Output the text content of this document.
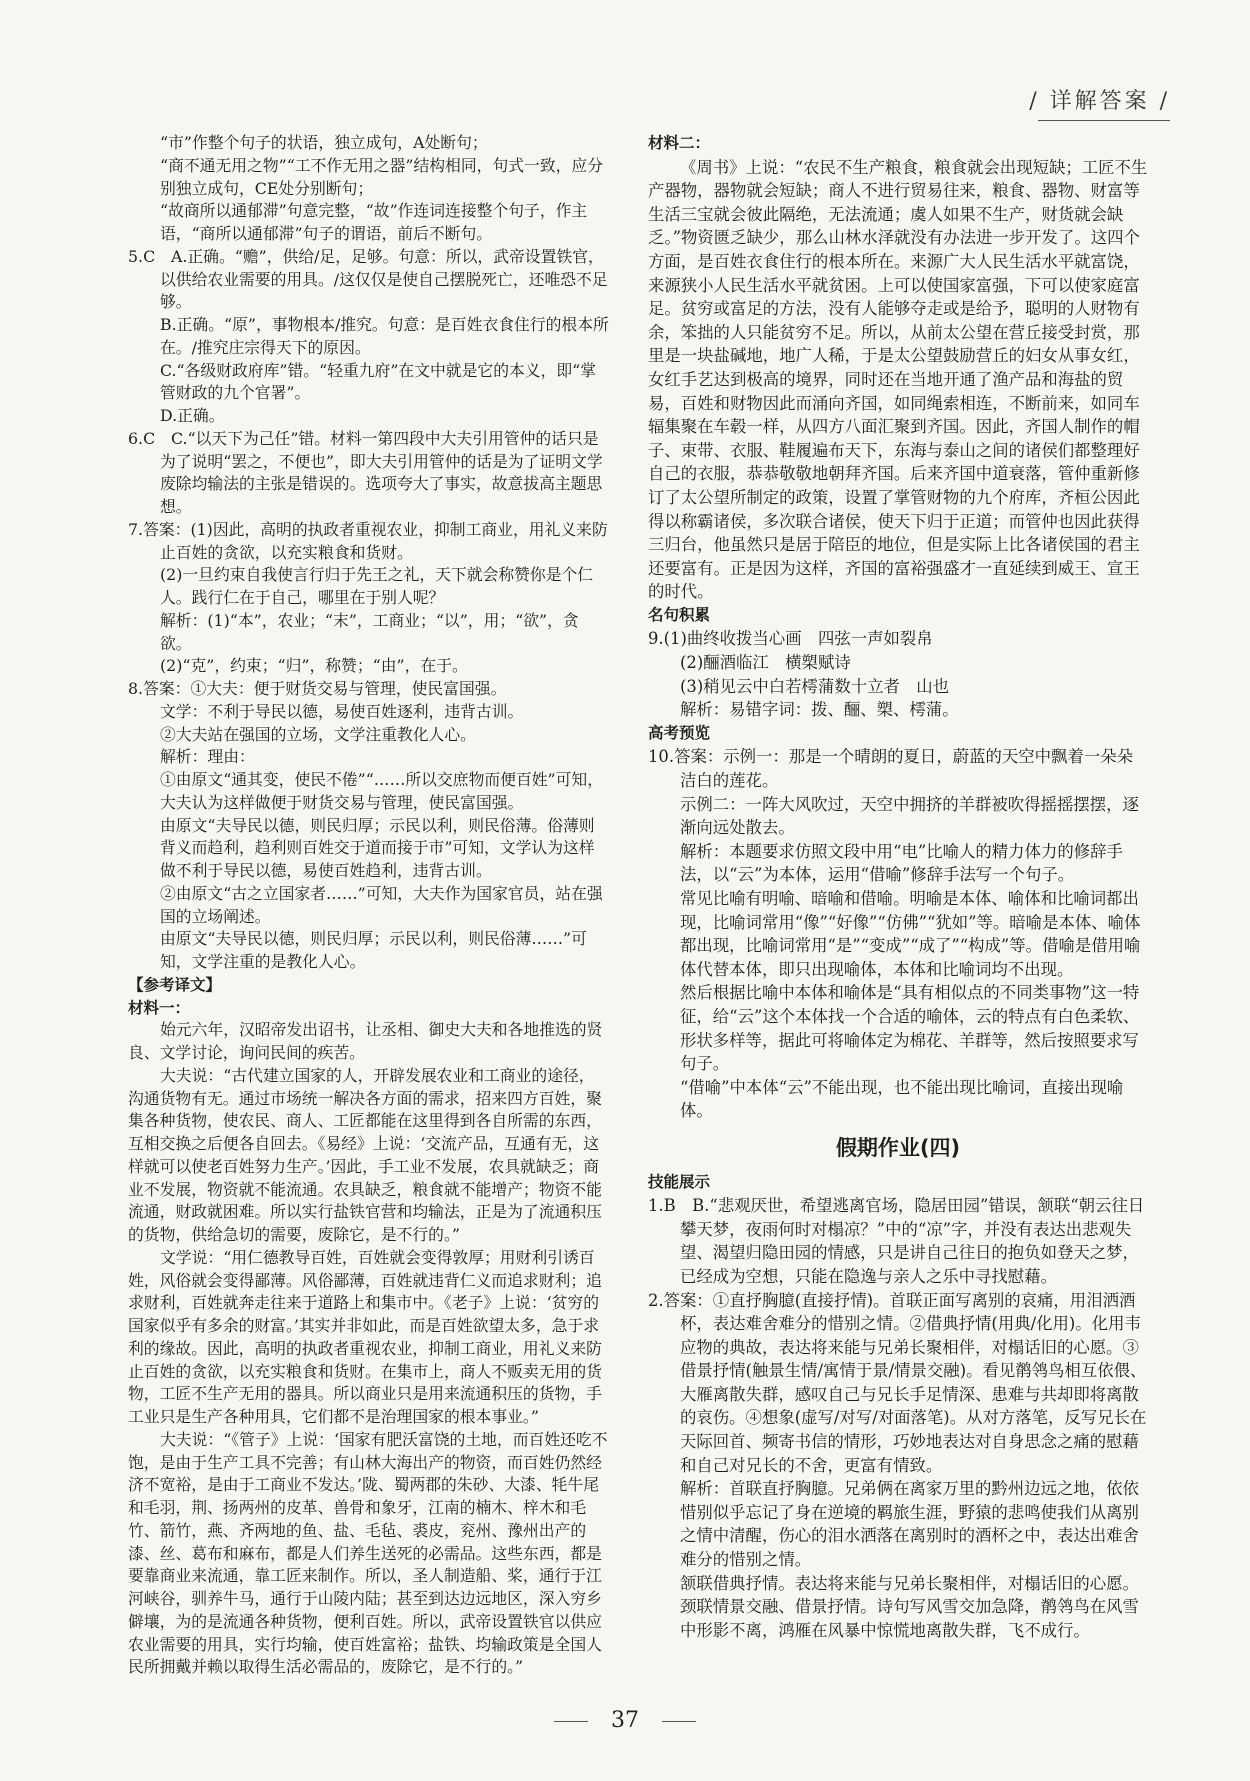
/ 详解答案 /

“市”作整个句子的状语，独立成句，A处断句；

“商不通无用之物”“工不作无用之器”结构相同，句式一致，应分别独立成句，CE处分别断句；

“故商所以通郁滞”句意完整，“故”作连词连接整个句子，作主语，“商所以通郁滞”句子的谓语，前后不断句。

5.C　A.正确。“赡”，供给/足，足够。句意：所以，武帝设置铁官，以供给农业需要的用具。/这仅仅是使自己摆脱死亡，还唯恐不足够。

B.正确。“原”，事物根本/推究。句意：是百姓衣食住行的根本所在。/推究庄宗得天下的原因。

C.“各级财政府库”错。“轻重九府”在文中就是它的本义，即“掌管财政的九个官署”。

D.正确。

6.C　C.“以天下为己任”错。材料一第四段中大夫引用管仲的话只是为了说明“罢之，不便也”，即大夫引用管仲的话是为了证明文学废除均输法的主张是错误的。选项夸大了事实，故意拔高主题思想。

7.答案：(1)因此，高明的执政者重视农业，抑制工商业，用礼义来防止百姓的贪欲，以充实粮食和货财。

(2)一旦约束自我使言行归于先王之礼，天下就会称赞你是个仁人。践行仁在于自己，哪里在于别人呢？

解析：(1)“本”，农业；“末”，工商业；“以”，用；“欲”，贪欲。

(2)“克”，约束；“归”，称赞；“由”，在于。

8.答案：①大夫：便于财货交易与管理，使民富国强。

文学：不利于导民以德，易使百姓逐利，违背古训。

②大夫站在强国的立场，文学注重教化人心。

解析：理由：

①由原文“通其变，使民不倦”“……所以交庶物而便百姓”可知，大夫认为这样做便于财货交易与管理，使民富国强。

由原文“夫导民以德，则民归厚；示民以利，则民俗薄。俗薄则背义而趋利，趋利则百姓交于道而接于市”可知，文学认为这样做不利于导民以德，易使百姓趋利，违背古训。

②由原文“古之立国家者……”可知，大夫作为国家官员，站在强国的立场阐述。

由原文“夫导民以德，则民归厚；示民以利，则民俗薄……”可知，文学注重的是教化人心。

【参考译文】

材料一：

始元六年，汉昭帝发出诏书，让丞相、御史大夫和各地推选的贤良、文学讨论，询问民间的疾苦。

大夫说：“古代建立国家的人，开辟发展农业和工商业的途径，沟通货物有无。通过市场统一解决各方面的需求，招来四方百姓，聚集各种货物，使农民、商人、工匠都能在这里得到各自所需的东西，互相交换之后便各自回去。《易经》上说：‘交流产品，互通有无，这样就可以使老百姓努力生产。’因此，手工业不发展，农具就缺乏；商业不发展，物资就不能流通。农具缺乏，粮食就不能增产；物资不能流通，财政就困难。所以实行盐铁官营和均输法，正是为了流通积压的货物，供给急切的需要，废除它，是不行的。”

文学说：“用仁德教导百姓，百姓就会变得敦厚；用财利引诱百姓，风俗就会变得鄙薄。风俗鄙薄，百姓就违背仁义而追求财利；追求财利，百姓就奔走往来于道路上和集市中。《老子》上说：‘贫穷的国家似乎有多余的财富。’其实并非如此，而是百姓欲望太多，急于求利的缘故。因此，高明的执政者重视农业，抑制工商业，用礼义来防止百姓的贪欲，以充实粮食和货财。在集市上，商人不贩卖无用的货物，工匠不生产无用的器具。所以商业只是用来流通积压的货物，手工业只是生产各种用具，它们都不是治理国家的根本事业。”

大夫说：“《管子》上说：‘国家有肥沃富饶的土地，而百姓还吃不饱，是由于生产工具不完善；有山林大海出产的物资，而百姓仍然经济不宽裕，是由于工商业不发达。’陇、蜀两郡的朱砂、大漆、牦牛尾和毛羽，荆、扬两州的皮革、兽骨和象牙，江南的楠木、梓木和毛竹、箭竹，燕、齐两地的鱼、盐、毛毡、裘皮，兖州、豫州出产的漆、丝、葛布和麻布，都是人们养生送死的必需品。这些东西，都是要靠商业来流通，靠工匠来制作。所以，圣人制造船、桨，通行于江河峡谷，驯养牛马，通行于山陵内陆；甚至到达边远地区，深入穷乡僻壤，为的是流通各种货物，便利百姓。所以，武帝设置铁官以供应农业需要的用具，实行均输，使百姓富裕；盐铁、均输政策是全国人民所拥戴并赖以取得生活必需品的，废除它，是不行的。”

材料二：

《周书》上说：“农民不生产粮食，粮食就会出现短缺；工匠不生产器物，器物就会短缺；商人不进行贸易往来，粮食、器物、财富等生活三宝就会彼此隔绝，无法流通；虞人如果不生产，财货就会缺乏。”物资匮乏缺少，那么山林水泽就没有办法进一步开发了。这四个方面，是百姓衣食住行的根本所在。来源广大人民生活水平就富饶，来源狭小人民生活水平就贫困。上可以使国家富强，下可以使家庭富足。贫穷或富足的方法，没有人能够夺走或是给予，聪明的人财物有余，笨拙的人只能贫穷不足。所以，从前太公望在营丘接受封赏，那里是一块盐碱地，地广人稀，于是太公望鼓励营丘的妇女从事女红，女红手艺达到极高的境界，同时还在当地开通了渔产品和海盐的贸易，百姓和财物因此而涌向齐国，如同绳索相连，不断前来，如同车辐集聚在车毂一样，从四方八面汇聚到齐国。因此，齐国人制作的帽子、束带、衣服、鞋履遍布天下，东海与泰山之间的诸侯们都整理好自己的衣服，恭恭敬敬地朝拜齐国。后来齐国中道衰落，管仲重新修订了太公望所制定的政策，设置了掌管财物的九个府库，齐桓公因此得以称霸诸侯，多次联合诸侯，使天下归于正道；而管仲也因此获得三归台，他虽然只是居于陪臣的地位，但是实际上比各诸侯国的君主还要富有。正是因为这样，齐国的富裕强盛才一直延续到威王、宣王的时代。

名句积累

9.(1)曲终收拨当心画　四弦一声如裂帛

(2)酾酒临江　横槊赋诗

(3)稍见云中白若樗蒲数十立者　山也

解析：易错字词：拨、酾、槊、樗蒲。

高考预览

10.答案：示例一：那是一个晴朗的夏日，蔚蓝的天空中飘着一朵朵洁白的莲花。

示例二：一阵大风吹过，天空中拥挤的羊群被吹得摇摇摆摆，逐渐向远处散去。

解析：本题要求仿照文段中用“电”比喻人的精力体力的修辞手法，以“云”为本体，运用“借喻”修辞手法写一个句子。

常见比喻有明喻、暗喻和借喻。明喻是本体、喻体和比喻词都出现，比喻词常用“像”“好像”“仿佛”“犹如”等。暗喻是本体、喻体都出现，比喻词常用“是”“变成”“成了”“构成”等。借喻是借用喻体代替本体，即只出现喻体，本体和比喻词均不出现。

然后根据比喻中本体和喻体是“具有相似点的不同类事物”这一特征，给“云”这个本体找一个合适的喻体，云的特点有白色柔软、形状多样等，据此可将喻体定为棉花、羊群等，然后按照要求写句子。

“借喻”中本体“云”不能出现，也不能出现比喻词，直接出现喻体。

假期作业(四)

技能展示

1.B　B.“悲观厌世，希望逃离官场，隐居田园”错误，颔联“朝云往日攀天梦，夜雨何时对榻凉？”中的“凉”字，并没有表达出悲观失望、渴望归隐田园的情感，只是讲自己往日的抱负如登天之梦，已经成为空想，只能在隐逸与亲人之乐中寻找慰藉。

2.答案：①直抒胸臆(直接抒情)。首联正面写离别的哀痛，用泪洒酒杯，表达难舍难分的惜别之情。②借典抒情(用典/化用)。化用韦应物的典故，表达将来能与兄弟长聚相伴，对榻话旧的心愿。③借景抒情(触景生情/寓情于景/情景交融)。看见鹡鸰鸟相互依偎、大雁离散失群，感叹自己与兄长手足情深、患难与共却即将离散的哀伤。④想象(虚写/对写/对面落笔)。从对方落笔，反写兄长在天际回首、频寄书信的情形，巧妙地表达对自身思念之痛的慰藉和自己对兄长的不舍，更富有情致。

解析：首联直抒胸臆。兄弟俩在离家万里的黔州边远之地，依依惜别似乎忘记了身在逆境的羁旅生涯，野猿的悲鸣使我们从离别之情中清醒，伤心的泪水洒落在离别时的酒杯之中，表达出难舍难分的惜别之情。

颔联借典抒情。表达将来能与兄弟长聚相伴，对榻话旧的心愿。

颈联情景交融、借景抒情。诗句写风雪交加急降，鹡鸰鸟在风雪中形影不离，鸿雁在风暴中惊慌地离散失群，飞不成行。

37
